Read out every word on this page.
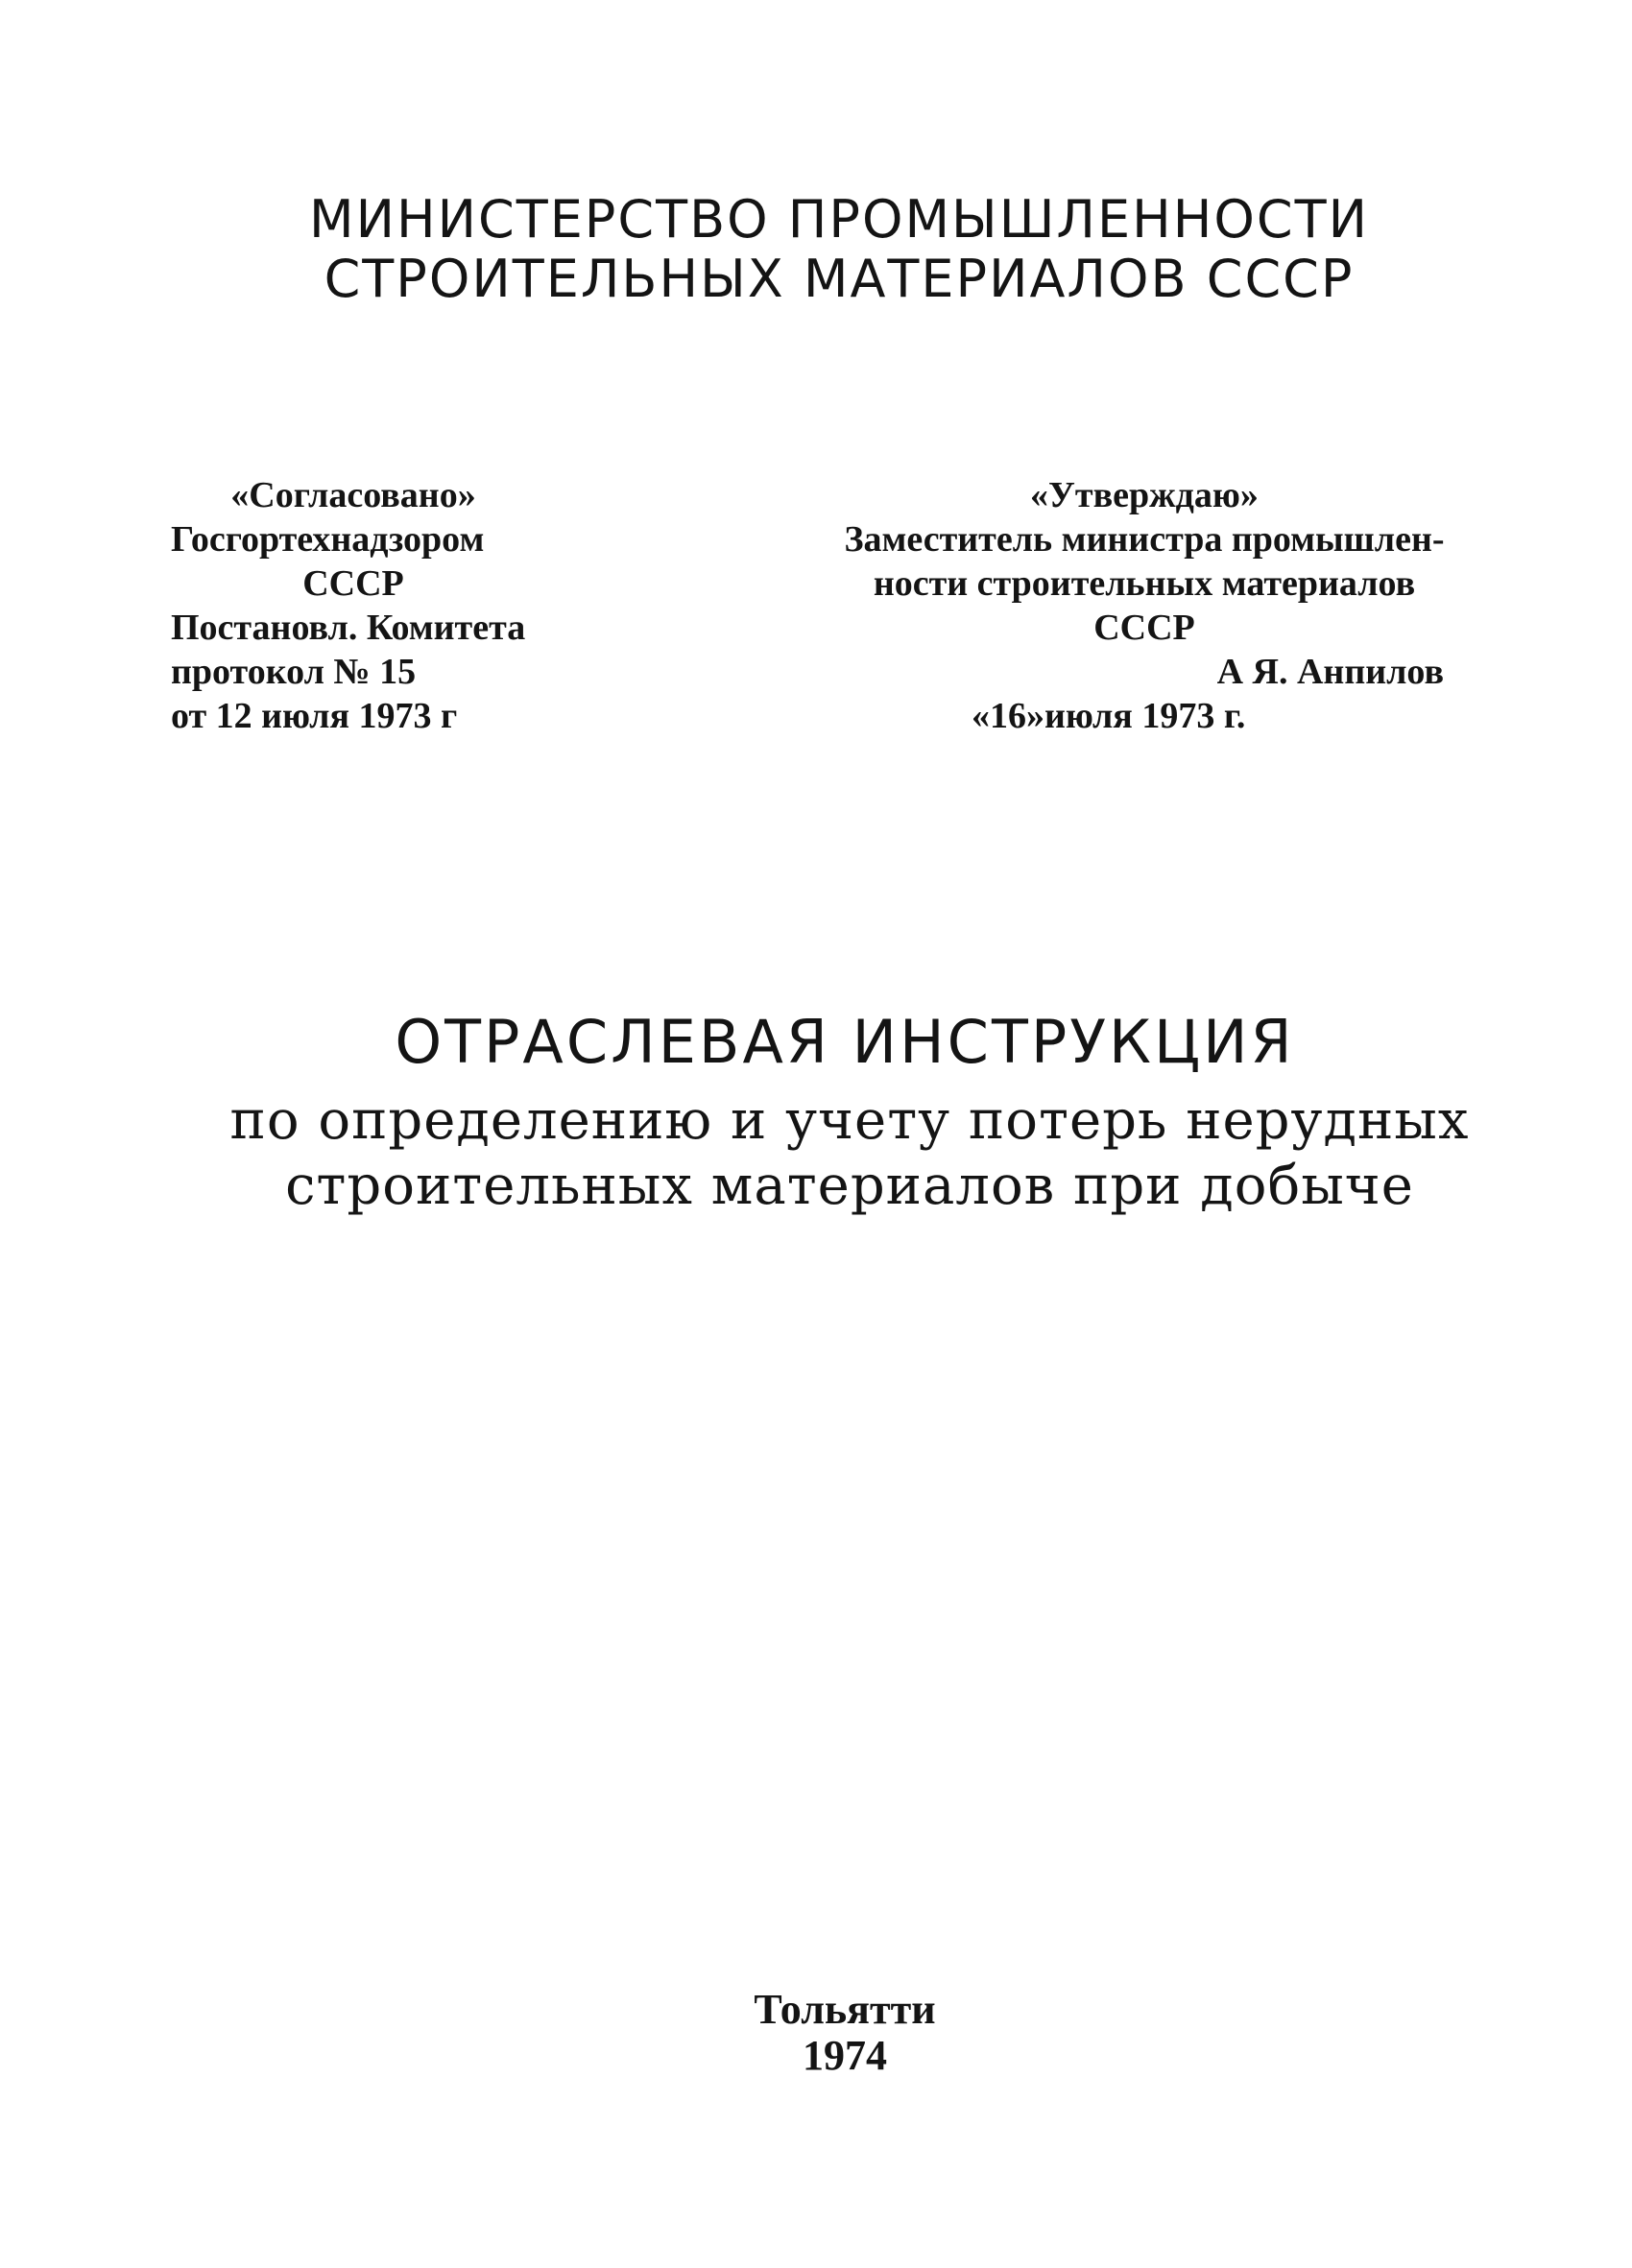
МИНИСТЕРСТВО ПРОМЫШЛЕННОСТИ
СТРОИТЕЛЬНЫХ МАТЕРИАЛОВ СССР
«Согласовано»
Госгортехнадзором
СССР
Постановл. Комитета
протокол № 15
от 12 июля 1973 г
«Утверждаю»
Заместитель министра промышлен-
ности строительных материалов
СССР
А Я. Анпилов
«16»июля 1973 г.
ОТРАСЛЕВАЯ ИНСТРУКЦИЯ
по определению и учету потерь нерудных
строительных материалов при добыче
Тольятти
1974
